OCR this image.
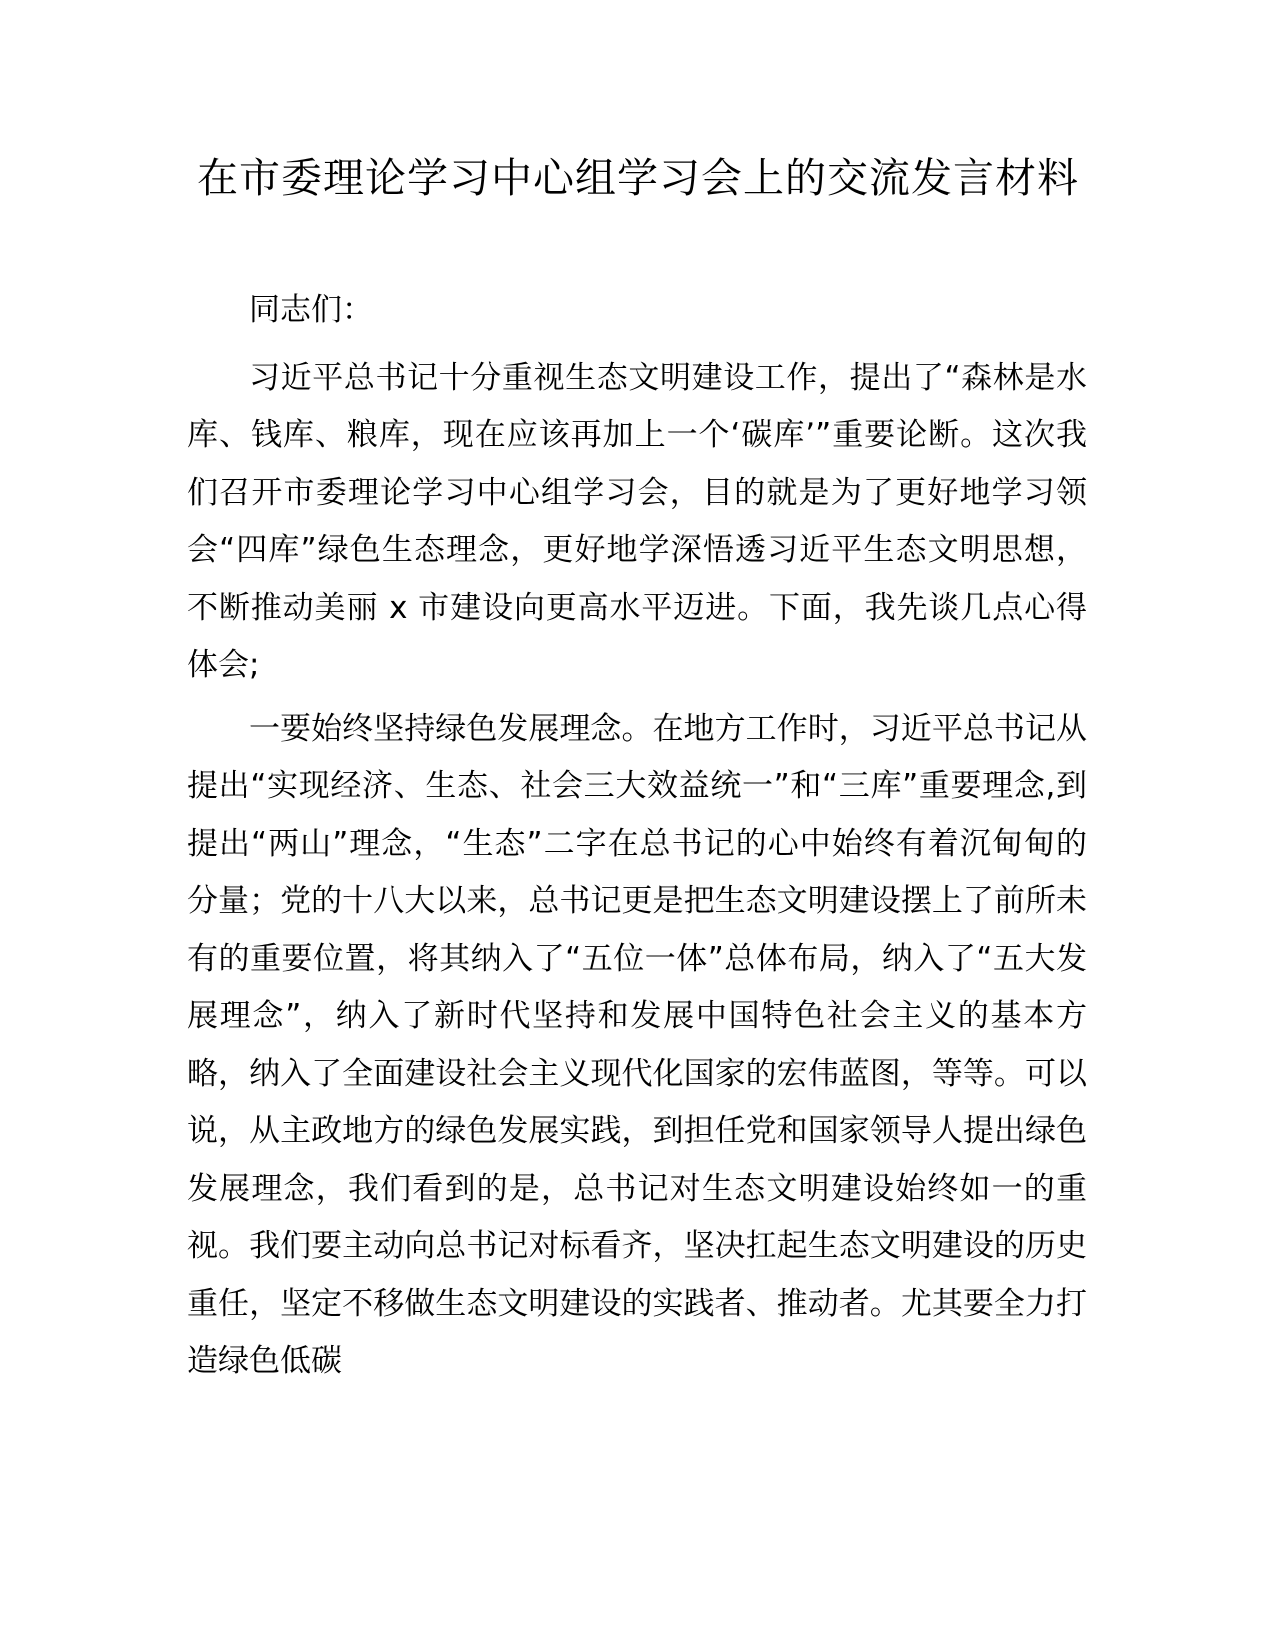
在市委理论学习中心组学习会上的交流发言材料

同志们：

习近平总书记十分重视生态文明建设工作，提出了“森林是水库、钱库、粮库，现在应该再加上一个‘碳库’”重要论断。这次我们召开市委理论学习中心组学习会，目的就是为了更好地学习领会“四库”绿色生态理念，更好地学深悟透习近平生态文明思想，不断推动美丽 x 市建设向更高水平迈进。下面，我先谈几点心得体会;

一要始终坚持绿色发展理念。在地方工作时，习近平总书记从提出“实现经济、生态、社会三大效益统一”和“三库”重要理念,到提出“两山”理念，“生态”二字在总书记的心中始终有着沉甸甸的分量；党的十八大以来，总书记更是把生态文明建设摆上了前所未有的重要位置，将其纳入了“五位一体”总体布局，纳入了“五大发展理念”，纳入了新时代坚持和发展中国特色社会主义的基本方略，纳入了全面建设社会主义现代化国家的宏伟蓝图，等等。可以说，从主政地方的绿色发展实践，到担任党和国家领导人提出绿色发展理念，我们看到的是，总书记对生态文明建设始终如一的重视。我们要主动向总书记对标看齐，坚决扛起生态文明建设的历史重任，坚定不移做生态文明建设的实践者、推动者。尤其要全力打造绿色低碳
